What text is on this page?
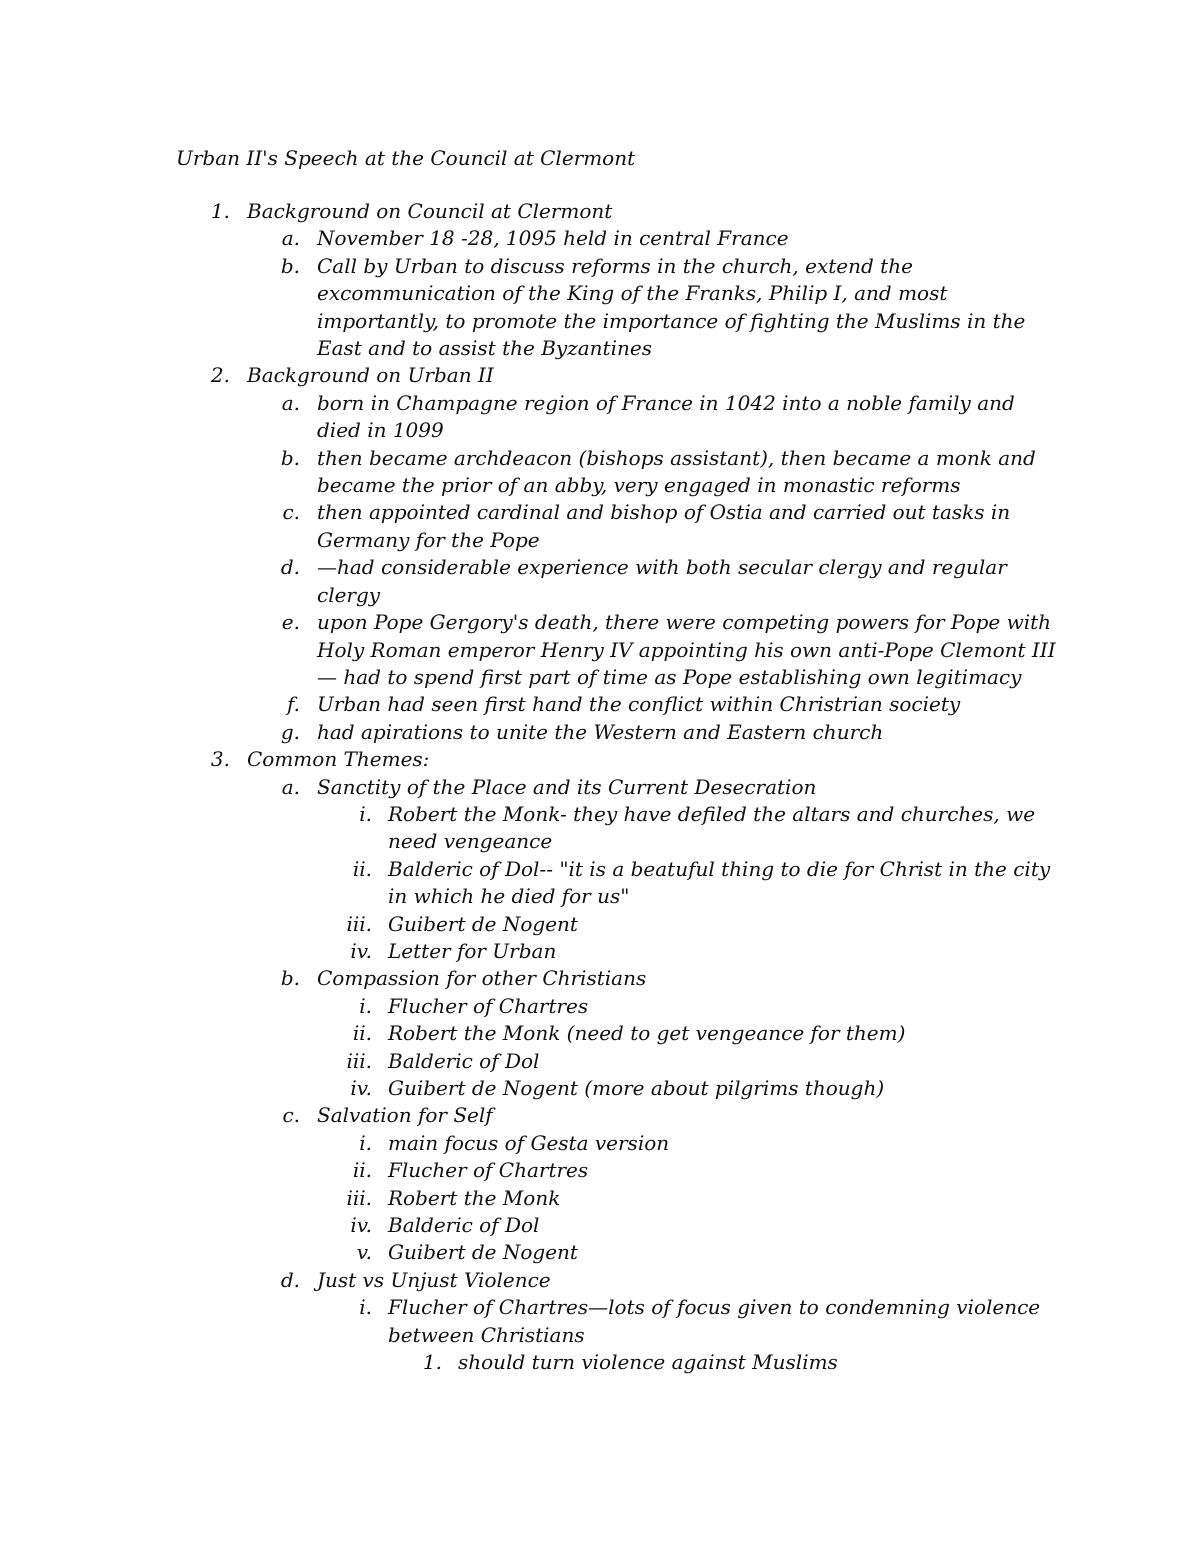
Urban II's Speech at the Council at Clermont
1. Background on Council at Clermont
a. November 18 -28, 1095 held in central France
b. Call by Urban to discuss reforms in the church, extend the
excommunication of the King of the Franks, Philip I, and most
importantly, to promote the importance of fighting the Muslims in the
East and to assist the Byzantines
2. Background on Urban II
a. born in Champagne region of France in 1042 into a noble family and
died in 1099
b. then became archdeacon (bishops assistant), then became a monk and
became the prior of an abby, very engaged in monastic reforms
c. then appointed cardinal and bishop of Ostia and carried out tasks in
Germany for the Pope
d. —had considerable experience with both secular clergy and regular
clergy
e. upon Pope Gergory's death, there were competing powers for Pope with
Holy Roman emperor Henry IV appointing his own anti-Pope Clemont III
— had to spend first part of time as Pope establishing own legitimacy
f. Urban had seen first hand the conflict within Christrian society
g. had apirations to unite the Western and Eastern church
3. Common Themes:
a. Sanctity of the Place and its Current Desecration
i. Robert the Monk- they have defiled the altars and churches, we
need vengeance
ii. Balderic of Dol-- "it is a beatuful thing to die for Christ in the city
in which he died for us"
iii. Guibert de Nogent
iv. Letter for Urban
b. Compassion for other Christians
i. Flucher of Chartres
ii. Robert the Monk (need to get vengeance for them)
iii. Balderic of Dol
iv. Guibert de Nogent (more about pilgrims though)
c. Salvation for Self
i. main focus of Gesta version
ii. Flucher of Chartres
iii. Robert the Monk
iv. Balderic of Dol
v. Guibert de Nogent
d. Just vs Unjust Violence
i. Flucher of Chartres—lots of focus given to condemning violence
between Christians
1. should turn violence against Muslims
